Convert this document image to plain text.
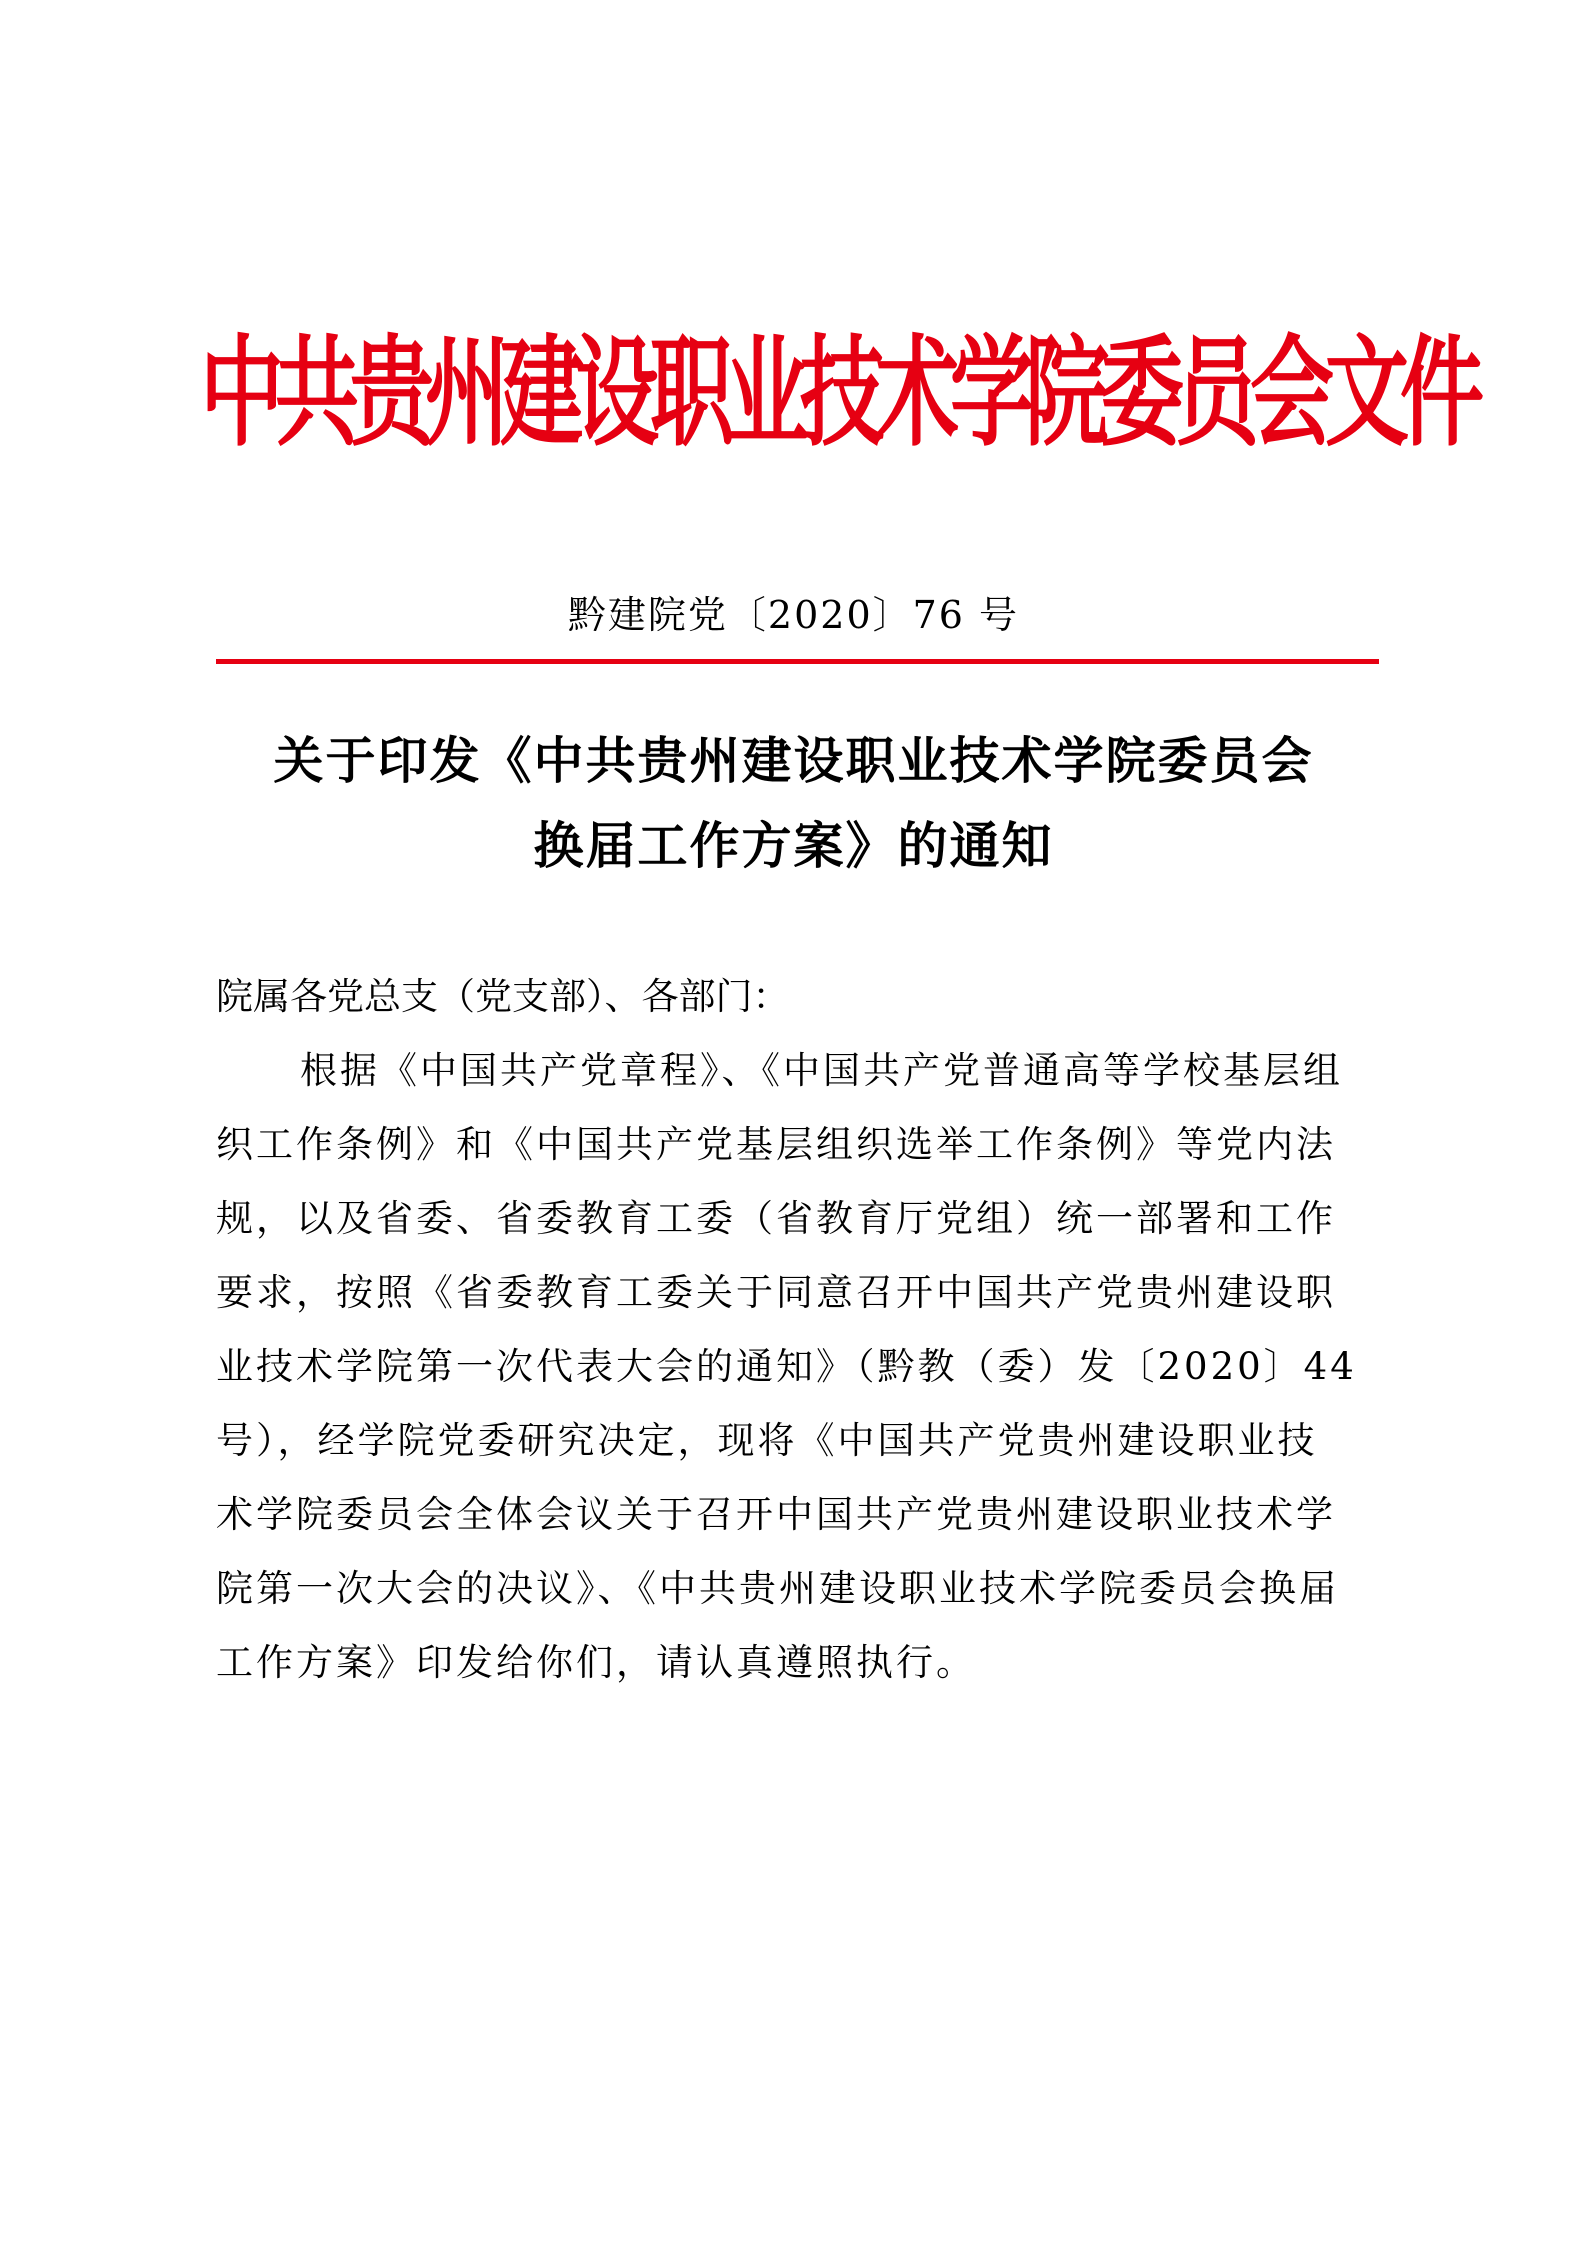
中共贵州建设职业技术学院委员会文件
黔建院党〔2020〕76 号
关于印发《中共贵州建设职业技术学院委员会
换届工作方案》的通知

院属各党总支（党支部）、各部门：

根据《中国共产党章程》、《中国共产党普通高等学校基层组
织工作条例》和《中国共产党基层组织选举工作条例》等党内法
规，以及省委、省委教育工委（省教育厅党组）统一部署和工作
要求，按照《省委教育工委关于同意召开中国共产党贵州建设职
业技术学院第一次代表大会的通知》（黔教（委）发〔2020〕44
号），经学院党委研究决定，现将《中国共产党贵州建设职业技
术学院委员会全体会议关于召开中国共产党贵州建设职业技术学
院第一次大会的决议》、《中共贵州建设职业技术学院委员会换届
工作方案》印发给你们，请认真遵照执行。
